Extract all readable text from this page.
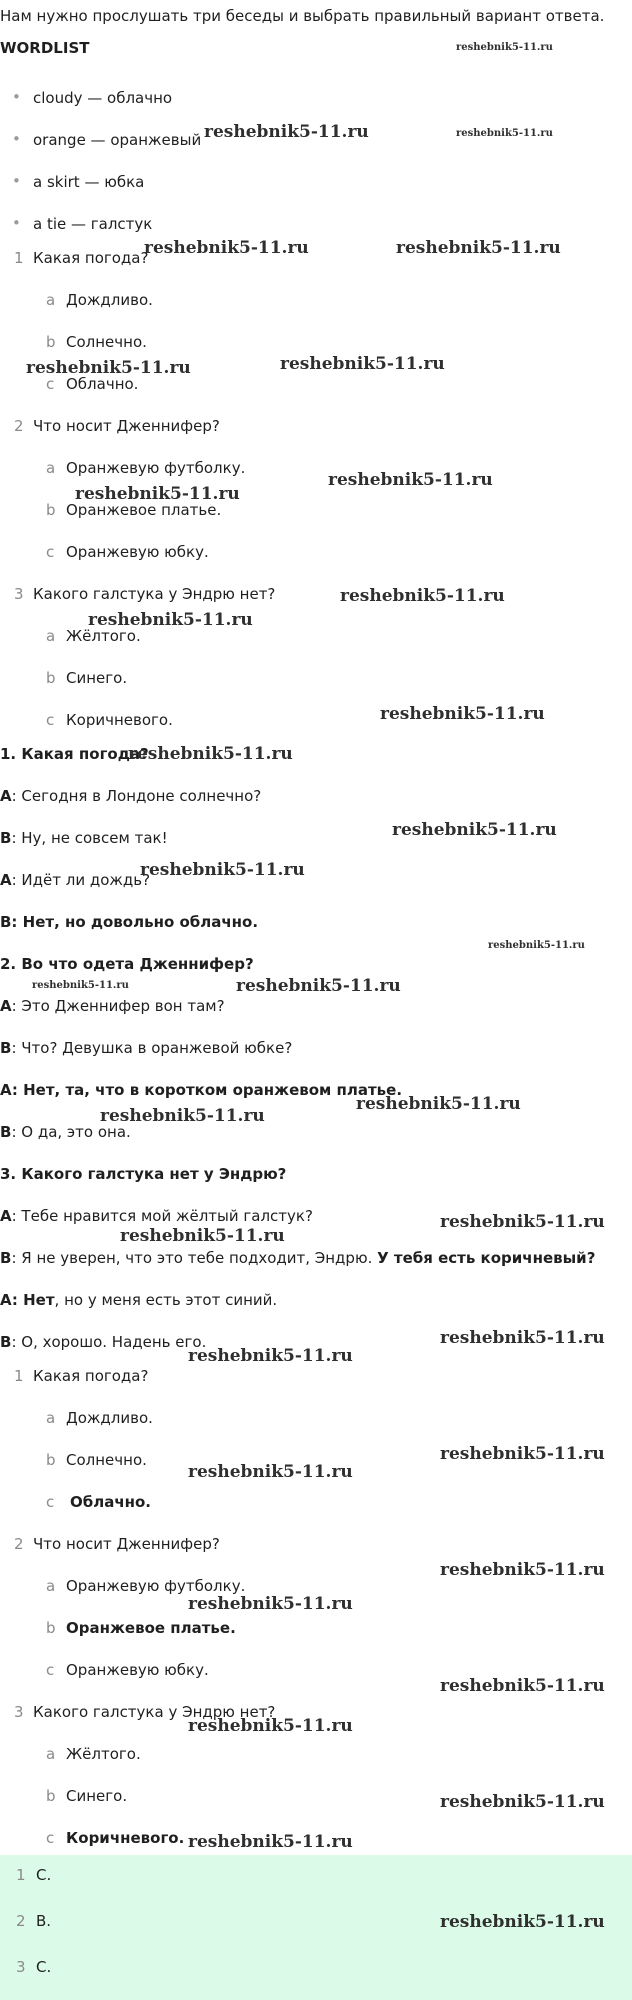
Нам нужно прослушать три беседы и выбрать правильный вариант ответа.
WORDLIST
• cloudy — облачно
• orange — оранжевый
• a skirt — юбка
• a tie — галстук
1 Какая погода?
a Дождливо.
b Солнечно.
c Облачно.
2 Что носит Дженнифер?
a Оранжевую футболку.
b Оранжевое платье.
c Оранжевую юбку.
3 Какого галстука у Эндрю нет?
a Жёлтого.
b Синего.
c Коричневого.
1. Какая погода?
A: Сегодня в Лондоне солнечно?
B: Ну, не совсем так!
A: Идёт ли дождь?
B: Нет, но довольно облачно.
2. Во что одета Дженнифер?
A: Это Дженнифер вон там?
B: Что? Девушка в оранжевой юбке?
A: Нет, та, что в коротком оранжевом платье.
B: О да, это она.
3. Какого галстука нет у Эндрю?
A: Тебе нравится мой жёлтый галстук?
B: Я не уверен, что это тебе подходит, Эндрю. У тебя есть коричневый?
A: Нет, но у меня есть этот синий.
B: О, хорошо. Надень его.
1 Какая погода?
a Дождливо.
b Солнечно.
c Облачно.
2 Что носит Дженнифер?
a Оранжевую футболку.
b Оранжевое платье.
c Оранжевую юбку.
3 Какого галстука у Эндрю нет?
a Жёлтого.
b Синего.
c Коричневого.
1 C.
2 B.
3 C.
reshebnik5-11.ru
reshebnik5-11.ru	reshebnik5-11.ru
reshebnik5-11.ru	reshebnik5-11.ru
reshebnik5-11.ru
reshebnik5-11.ru
reshebnik5-11.ru
reshebnik5-11.ru
reshebnik5-11.ru
reshebnik5-11.ru
reshebnik5-11.ru
reshebnik5-11.ru
reshebnik5-11.ru
reshebnik5-11.ru
reshebnik5-11.ru
reshebnik5-11.ru	reshebnik5-11.ru
reshebnik5-11.ru
reshebnik5-11.ru
reshebnik5-11.ru
reshebnik5-11.ru
reshebnik5-11.ru
reshebnik5-11.ru
reshebnik5-11.ru
reshebnik5-11.ru
reshebnik5-11.ru
reshebnik5-11.ru
reshebnik5-11.ru
reshebnik5-11.ru
reshebnik5-11.ru
reshebnik5-11.ru
reshebnik5-11.ru
